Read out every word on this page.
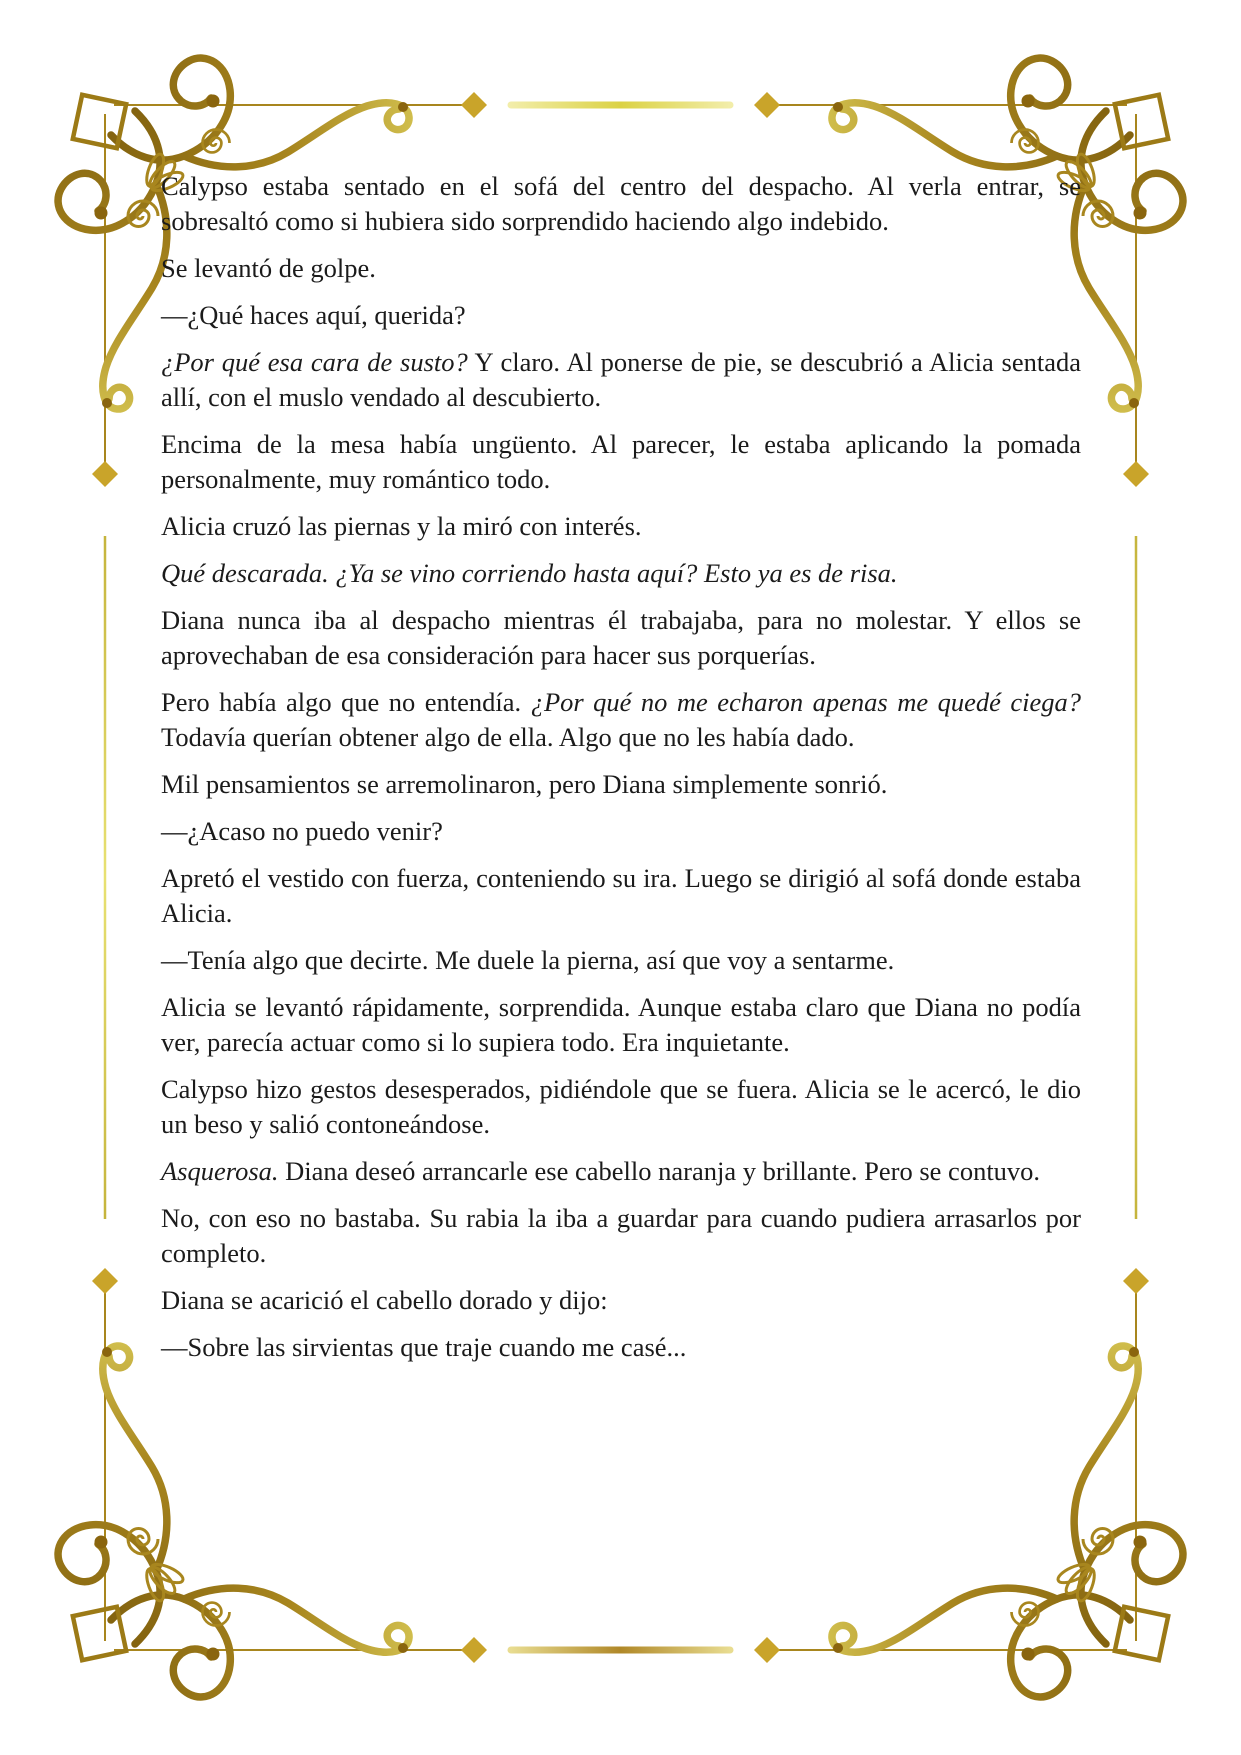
Calypso estaba sentado en el sofá del centro del despacho. Al verla entrar, se sobresaltó como si hubiera sido sorprendido haciendo algo indebido.

Se levantó de golpe.

—¿Qué haces aquí, querida?

¿Por qué esa cara de susto? Y claro. Al ponerse de pie, se descubrió a Alicia sentada allí, con el muslo vendado al descubierto.

Encima de la mesa había ungüento. Al parecer, le estaba aplicando la pomada personalmente, muy romántico todo.

Alicia cruzó las piernas y la miró con interés.

Qué descarada. ¿Ya se vino corriendo hasta aquí? Esto ya es de risa.

Diana nunca iba al despacho mientras él trabajaba, para no molestar. Y ellos se aprovechaban de esa consideración para hacer sus porquerías.

Pero había algo que no entendía. ¿Por qué no me echaron apenas me quedé ciega? Todavía querían obtener algo de ella. Algo que no les había dado.

Mil pensamientos se arremolinaron, pero Diana simplemente sonrió.

—¿Acaso no puedo venir?

Apretó el vestido con fuerza, conteniendo su ira. Luego se dirigió al sofá donde estaba Alicia.

—Tenía algo que decirte. Me duele la pierna, así que voy a sentarme.

Alicia se levantó rápidamente, sorprendida. Aunque estaba claro que Diana no podía ver, parecía actuar como si lo supiera todo. Era inquietante.

Calypso hizo gestos desesperados, pidiéndole que se fuera. Alicia se le acercó, le dio un beso y salió contoneándose.

Asquerosa. Diana deseó arrancarle ese cabello naranja y brillante. Pero se contuvo.

No, con eso no bastaba. Su rabia la iba a guardar para cuando pudiera arrasarlos por completo.

Diana se acarició el cabello dorado y dijo:

—Sobre las sirvientas que traje cuando me casé...
